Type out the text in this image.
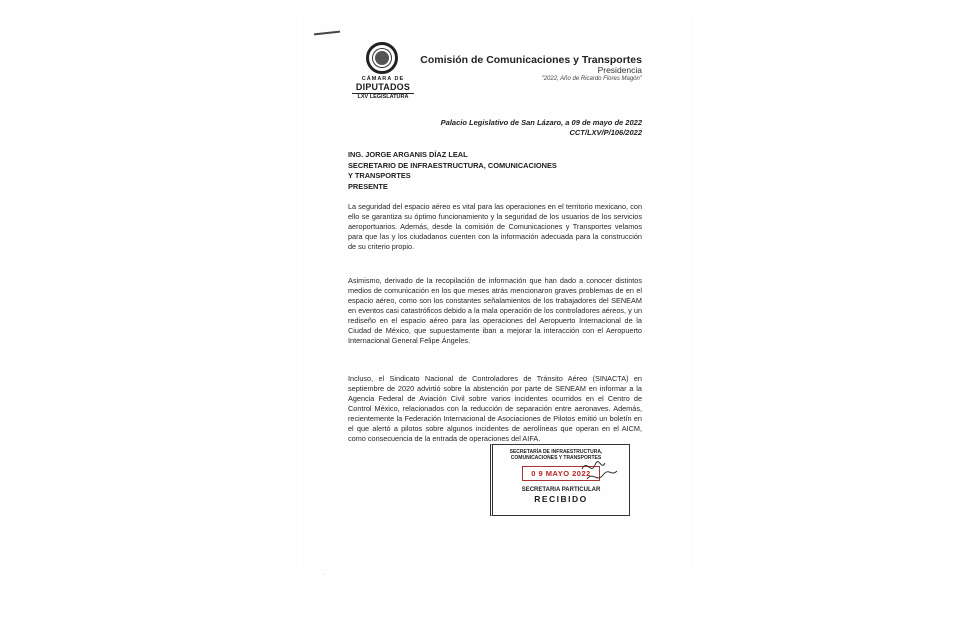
CÁMARA DE
DIPUTADOS
LXV LEGISLATURA
Comisión de Comunicaciones y Transportes
Presidencia
"2022, Año de Ricardo Flores Magón"
Palacio Legislativo de San Lázaro, a 09 de mayo de 2022
CCT/LXV/P/106/2022
ING. JORGE ARGANIS DÍAZ LEAL
SECRETARIO DE INFRAESTRUCTURA, COMUNICACIONES
Y TRANSPORTES
PRESENTE

La seguridad del espacio aéreo es vital para las operaciones en el territorio mexicano, con ello se garantiza su óptimo funcionamiento y la seguridad de los usuarios de los servicios aeroportuarios. Además, desde la comisión de Comunicaciones y Transportes velamos para que las y los ciudadanos cuenten con la información adecuada para la construcción de su criterio propio.

Asimismo, derivado de la recopilación de información que han dado a conocer distintos medios de comunicación en los que meses atrás mencionaron graves problemas de en el espacio aéreo, como son los constantes señalamientos de los trabajadores del SENEAM en eventos casi catastróficos debido a la mala operación de los controladores aéreos, y un rediseño en el espacio aéreo para las operaciones del Aeropuerto Internacional de la Ciudad de México, que supuestamente iban a mejorar la interacción con el Aeropuerto Internacional General Felipe Ángeles.

Incluso, el Sindicato Nacional de Controladores de Tránsito Aéreo (SINACTA) en septiembre de 2020 advirtió sobre la abstención por parte de SENEAM en informar a la Agencia Federal de Aviación Civil sobre varios incidentes ocurridos en el Centro de Control México, relacionados con la reducción de separación entre aeronaves. Además, recientemente la Federación Internacional de Asociaciones de Pilotos emitió un boletín en el que alertó a pilotos sobre algunos incidentes de aerolíneas que operan en el AICM, como consecuencia de la entrada de operaciones del AIFA.

SECRETARÍA DE INFRAESTRUCTURA, COMUNICACIONES Y TRANSPORTES
0 9 MAYO 2022
SECRETARIA PARTICULAR
RECIBIDO
·
